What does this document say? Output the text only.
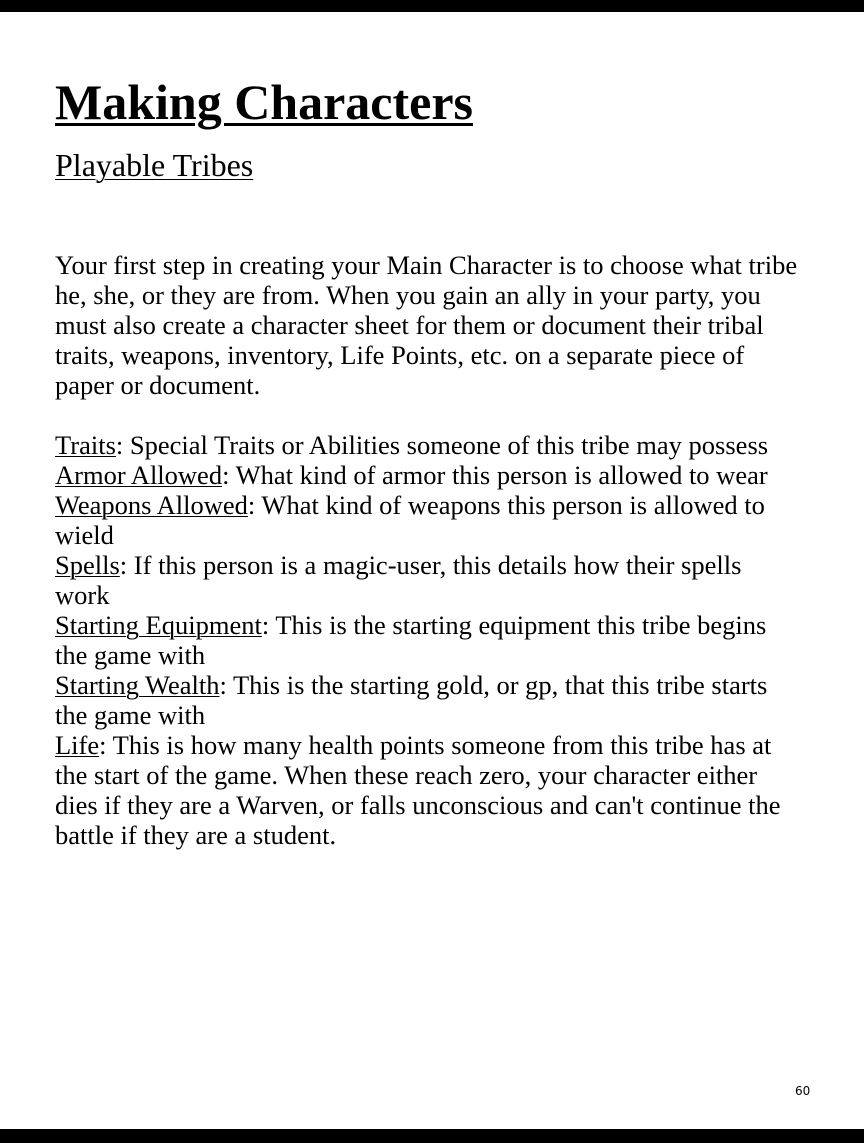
Making Characters
Playable Tribes

Your first step in creating your Main Character is to choose what tribe he, she, or they are from. When you gain an ally in your party, you must also create a character sheet for them or document their tribal traits, weapons, inventory, Life Points, etc. on a separate piece of paper or document.

Traits: Special Traits or Abilities someone of this tribe may possess
Armor Allowed: What kind of armor this person is allowed to wear
Weapons Allowed: What kind of weapons this person is allowed to wield
Spells: If this person is a magic-user, this details how their spells work
Starting Equipment: This is the starting equipment this tribe begins the game with
Starting Wealth: This is the starting gold, or gp, that this tribe starts the game with
Life: This is how many health points someone from this tribe has at the start of the game. When these reach zero, your character either dies if they are a Warven, or falls unconscious and can't continue the battle if they are a student.
60
